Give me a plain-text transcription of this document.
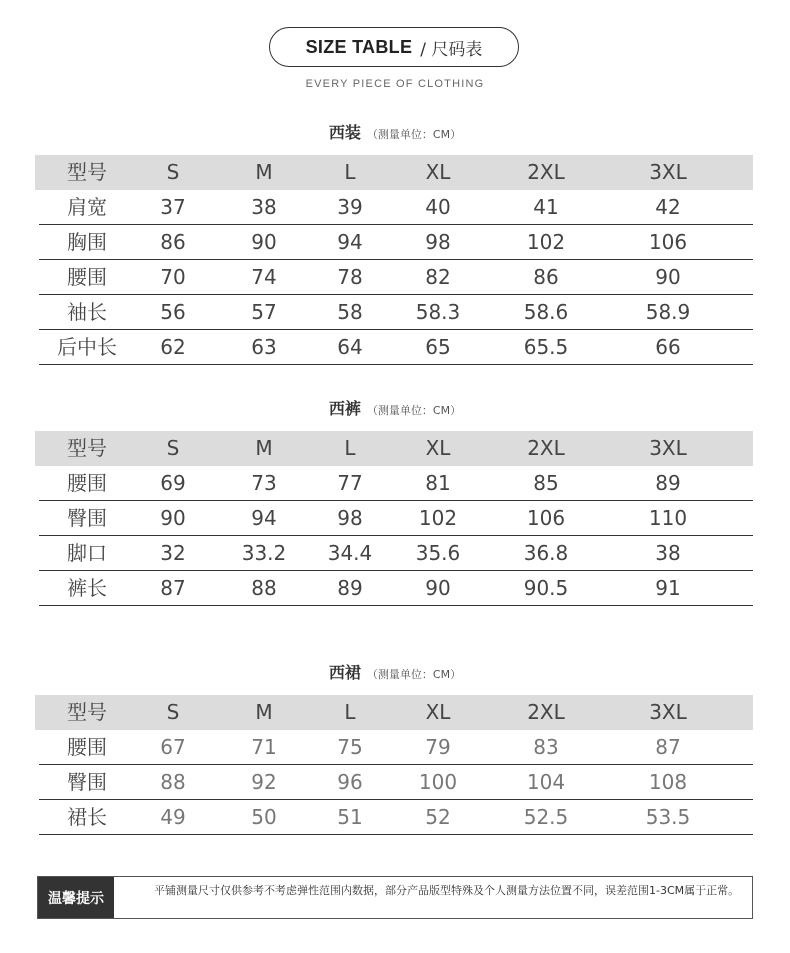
SIZE TABLE / 尺码表
EVERY PIECE OF CLOTHING
西装 （测量单位：CM）
型号	S	M	L	XL	2XL	3XL
肩宽	37	38	39	40	41	42
胸围	86	90	94	98	102	106
腰围	70	74	78	82	86	90
袖长	56	57	58	58.3	58.6	58.9
后中长	62	63	64	65	65.5	66
西裤 （测量单位：CM）
型号	S	M	L	XL	2XL	3XL
腰围	69	73	77	81	85	89
臀围	90	94	98	102	106	110
脚口	32	33.2	34.4	35.6	36.8	38
裤长	87	88	89	90	90.5	91
西裙 （测量单位：CM）
型号	S	M	L	XL	2XL	3XL
腰围	67	71	75	79	83	87
臀围	88	92	96	100	104	108
裙长	49	50	51	52	52.5	53.5
温馨提示	平铺测量尺寸仅供参考不考虑弹性范围内数据，部分产品版型特殊及个人测量方法位置不同，误差范围1-3CM属于正常。
